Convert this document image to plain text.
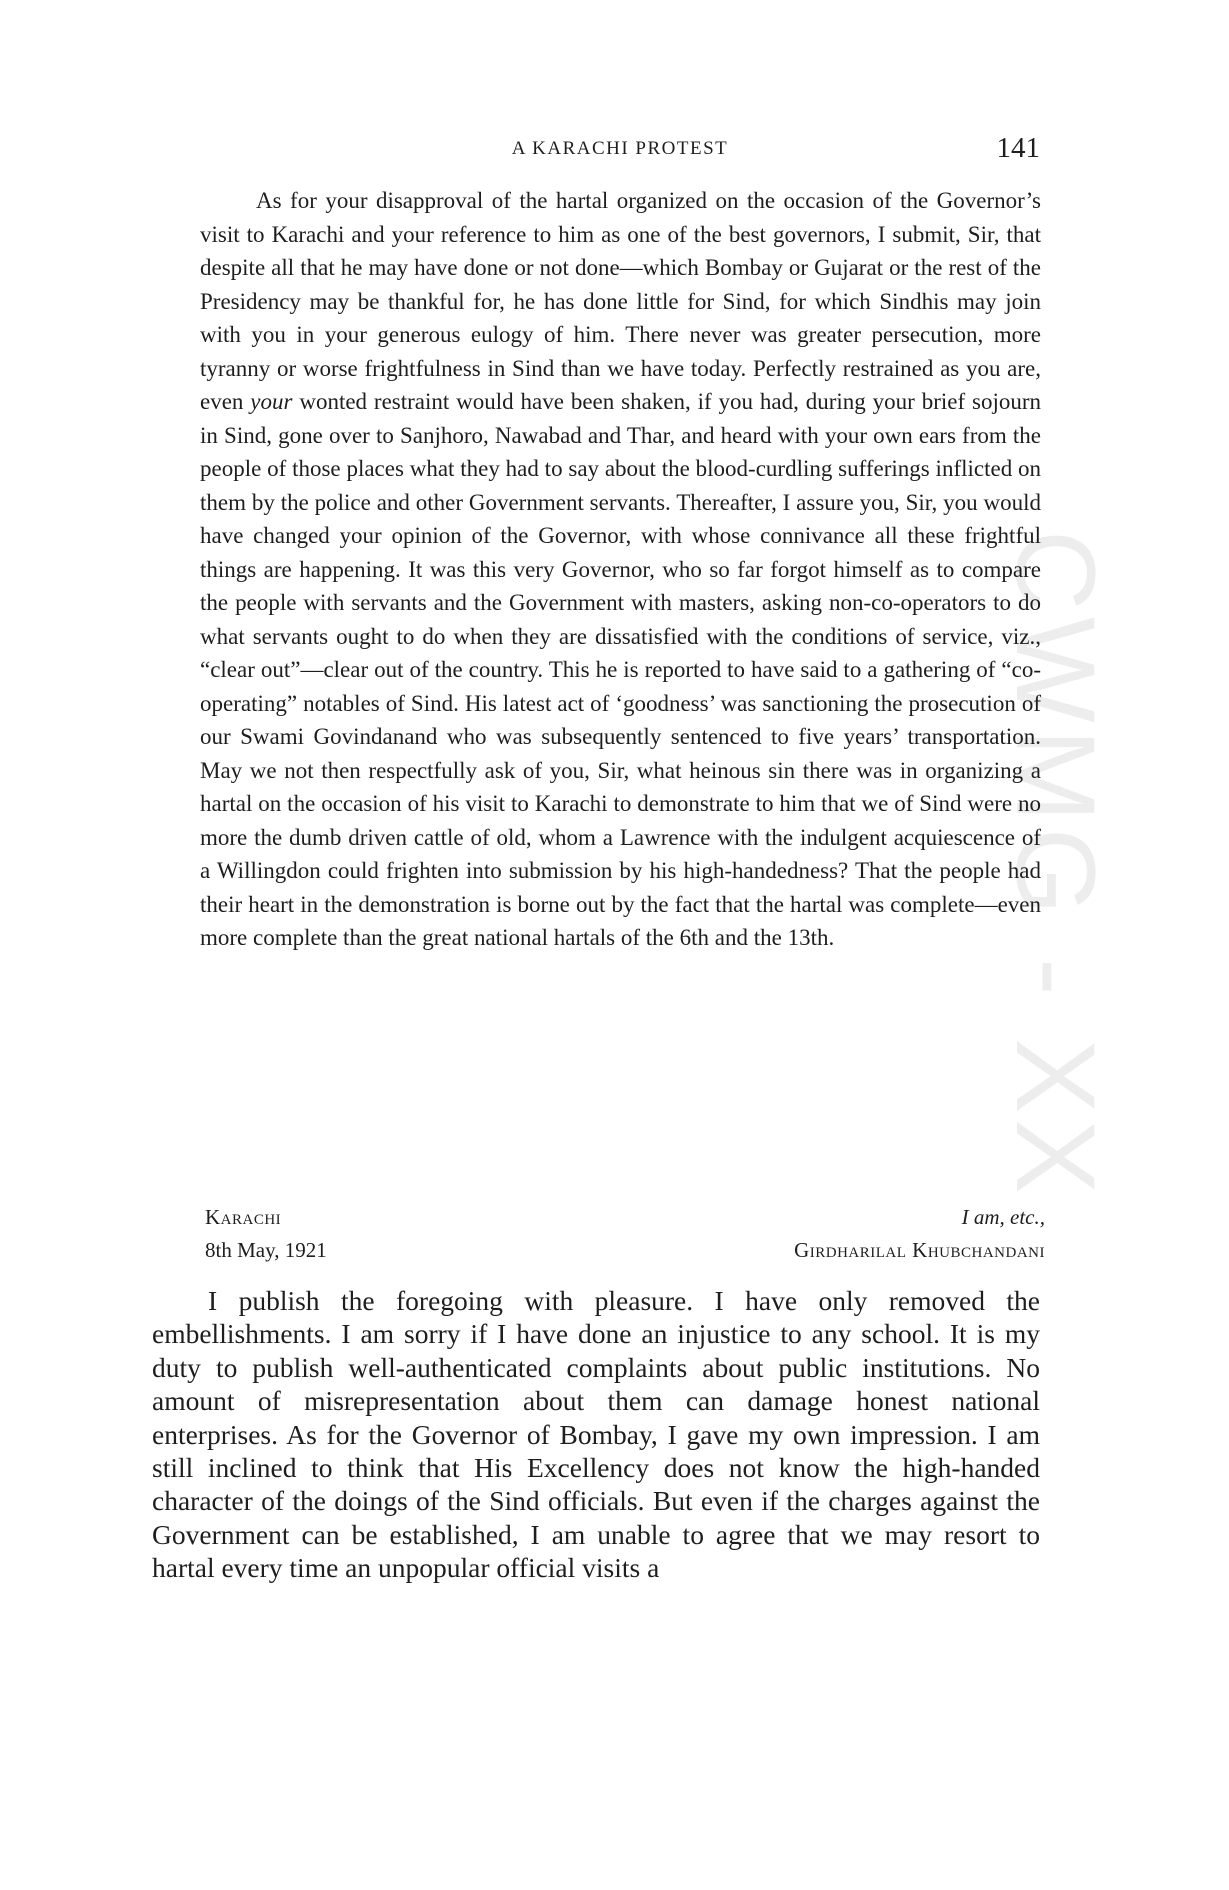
CWMG - XX
A KARACHI PROTEST	141

As for your disapproval of the hartal organized on the occasion of the Governor’s visit to Karachi and your reference to him as one of the best governors, I submit, Sir, that despite all that he may have done or not done—which Bombay or Gujarat or the rest of the Presidency may be thankful for, he has done little for Sind, for which Sindhis may join with you in your generous eulogy of him. There never was greater persecution, more tyranny or worse frightfulness in Sind than we have today. Perfectly restrained as you are, even your wonted restraint would have been shaken, if you had, during your brief sojourn in Sind, gone over to Sanjhoro, Nawabad and Thar, and heard with your own ears from the people of those places what they had to say about the blood-curdling sufferings inflicted on them by the police and other Government servants. Thereafter, I assure you, Sir, you would have changed your opinion of the Governor, with whose connivance all these frightful things are happening. It was this very Governor, who so far forgot himself as to compare the people with servants and the Government with masters, asking non-co-operators to do what servants ought to do when they are dissatisfied with the conditions of service, viz., “clear out”—clear out of the country. This he is reported to have said to a gathering of “co-operating” notables of Sind. His latest act of ‘goodness’ was sanctioning the prosecution of our Swami Govindanand who was subsequently sentenced to five years’ transportation. May we not then respectfully ask of you, Sir, what heinous sin there was in organizing a hartal on the occasion of his visit to Karachi to demonstrate to him that we of Sind were no more the dumb driven cattle of old, whom a Lawrence with the indulgent acquiescence of a Willingdon could frighten into submission by his high-handedness? That the people had their heart in the demonstration is borne out by the fact that the hartal was complete—even more complete than the great national hartals of the 6th and the 13th.

Karachi	I am, etc.,
8th May, 1921	Girdharilal Khubchandani

I publish the foregoing with pleasure. I have only removed the embellishments. I am sorry if I have done an injustice to any school. It is my duty to publish well-authenticated complaints about public institutions. No amount of misrepresentation about them can damage honest national enterprises. As for the Governor of Bombay, I gave my own impression. I am still inclined to think that His Excellency does not know the high-handed character of the doings of the Sind officials. But even if the charges against the Government can be established, I am unable to agree that we may resort to hartal every time an unpopular official visits a
